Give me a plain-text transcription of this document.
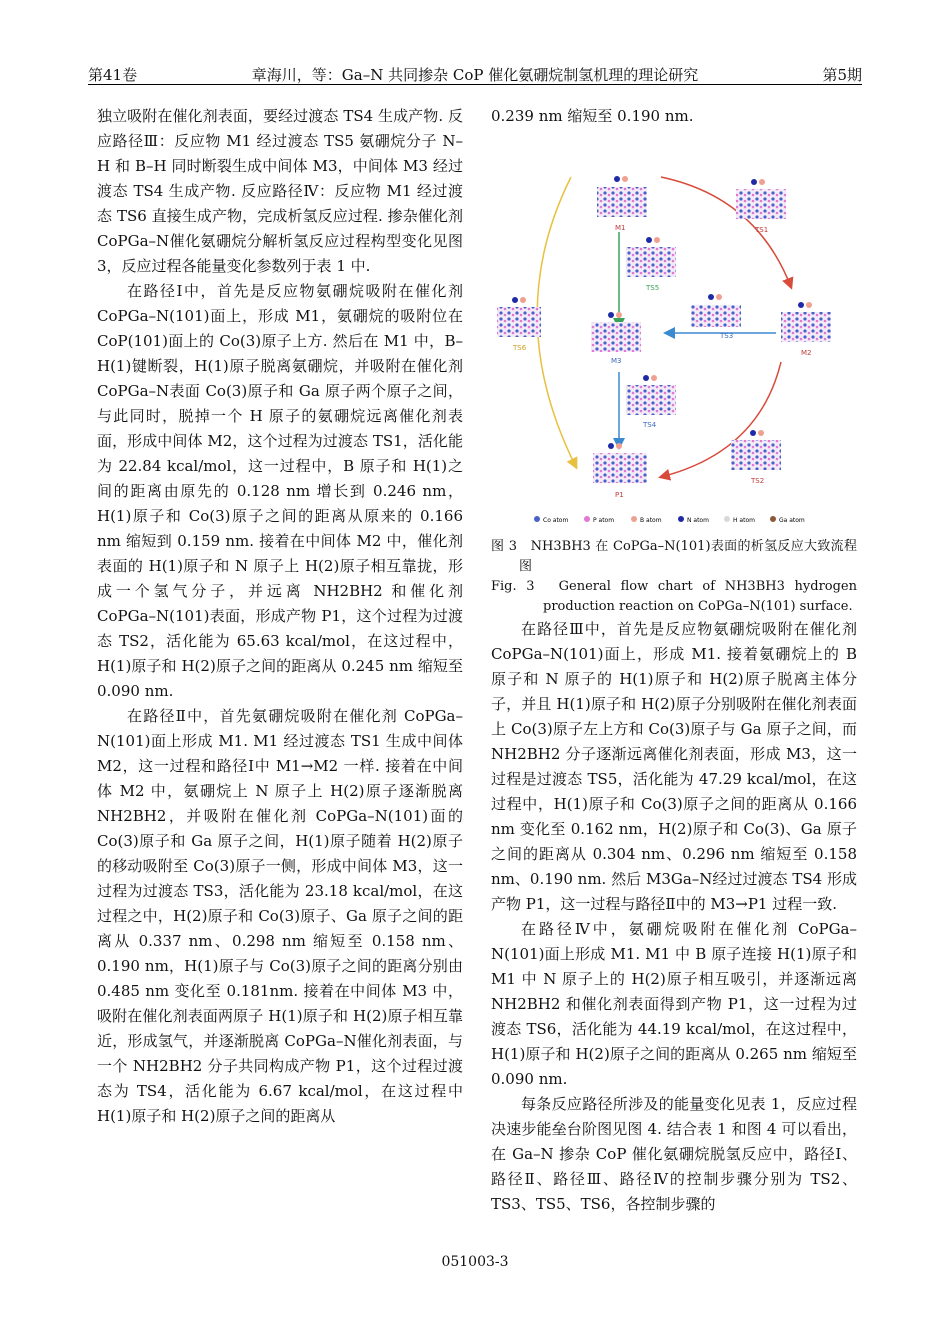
第41卷	章海川，等：Ga–N 共同掺杂 CoP 催化氨硼烷制氢机理的理论研究	第5期

独立吸附在催化剂表面，要经过渡态 TS4 生成产物. 反应路径Ⅲ：反应物 M1 经过渡态 TS5 氨硼烷分子 N–H 和 B–H 同时断裂生成中间体 M3，中间体 M3 经过渡态 TS4 生成产物. 反应路径Ⅳ：反应物 M1 经过渡态 TS6 直接生成产物，完成析氢反应过程. 掺杂催化剂 CoPGa–N催化氨硼烷分解析氢反应过程构型变化见图 3，反应过程各能量变化参数列于表 1 中.

在路径Ⅰ中，首先是反应物氨硼烷吸附在催化剂 CoPGa–N(101)面上，形成 M1，氨硼烷的吸附位在 CoP(101)面上的 Co(3)原子上方. 然后在 M1 中，B–H(1)键断裂，H(1)原子脱离氨硼烷，并吸附在催化剂 CoPGa–N表面 Co(3)原子和 Ga 原子两个原子之间，与此同时，脱掉一个 H 原子的氨硼烷远离催化剂表面，形成中间体 M2，这个过程为过渡态 TS1，活化能为 22.84 kcal/mol，这一过程中，B 原子和 H(1)之间的距离由原先的 0.128 nm 增长到 0.246 nm，H(1)原子和 Co(3)原子之间的距离从原来的 0.166 nm 缩短到 0.159 nm. 接着在中间体 M2 中，催化剂表面的 H(1)原子和 N 原子上 H(2)原子相互靠拢，形成一个氢气分子，并远离 NH2BH2 和催化剂 CoPGa–N(101)表面，形成产物 P1，这个过程为过渡态 TS2，活化能为 65.63 kcal/mol，在这过程中，H(1)原子和 H(2)原子之间的距离从 0.245 nm 缩短至 0.090 nm.

在路径Ⅱ中，首先氨硼烷吸附在催化剂 CoPGa–N(101)面上形成 M1. M1 经过渡态 TS1 生成中间体 M2，这一过程和路径Ⅰ中 M1→M2 一样. 接着在中间体 M2 中，氨硼烷上 N 原子上 H(2)原子逐渐脱离 NH2BH2，并吸附在催化剂 CoPGa–N(101)面的 Co(3)原子和 Ga 原子之间，H(1)原子随着 H(2)原子的移动吸附至 Co(3)原子一侧，形成中间体 M3，这一过程为过渡态 TS3，活化能为 23.18 kcal/mol，在这过程之中，H(2)原子和 Co(3)原子、Ga 原子之间的距离从 0.337 nm、0.298 nm 缩短至 0.158 nm、0.190 nm，H(1)原子与 Co(3)原子之间的距离分别由 0.485 nm 变化至 0.181nm. 接着在中间体 M3 中，吸附在催化剂表面两原子 H(1)原子和 H(2)原子相互靠近，形成氢气，并逐渐脱离 CoPGa–N催化剂表面，与一个 NH2BH2 分子共同构成产物 P1，这个过程过渡态为 TS4，活化能为 6.67 kcal/mol，在这过程中 H(1)原子和 H(2)原子之间的距离从

0.239 nm 缩短至 0.190 nm.

M1	TS1
TS5
M2
TS6
M3
TS3
TS4
P1
TS2
Co atom	P atom	B atom	N atom	H atom	Ga atom

图 3　NH3BH3 在 CoPGa–N(101)表面的析氢反应大致流程图

Fig. 3　General flow chart of NH3BH3 hydrogen production reaction on CoPGa–N(101) surface.

在路径Ⅲ中，首先是反应物氨硼烷吸附在催化剂 CoPGa–N(101)面上，形成 M1. 接着氨硼烷上的 B 原子和 N 原子的 H(1)原子和 H(2)原子脱离主体分子，并且 H(1)原子和 H(2)原子分别吸附在催化剂表面上 Co(3)原子左上方和 Co(3)原子与 Ga 原子之间，而 NH2BH2 分子逐渐远离催化剂表面，形成 M3，这一过程是过渡态 TS5，活化能为 47.29 kcal/mol，在这过程中，H(1)原子和 Co(3)原子之间的距离从 0.166 nm 变化至 0.162 nm，H(2)原子和 Co(3)、Ga 原子之间的距离从 0.304 nm、0.296 nm 缩短至 0.158 nm、0.190 nm. 然后 M3Ga–N经过过渡态 TS4 形成产物 P1，这一过程与路径Ⅱ中的 M3→P1 过程一致.

在路径Ⅳ中，氨硼烷吸附在催化剂 CoPGa–N(101)面上形成 M1. M1 中 B 原子连接 H(1)原子和 M1 中 N 原子上的 H(2)原子相互吸引，并逐渐远离 NH2BH2 和催化剂表面得到产物 P1，这一过程为过渡态 TS6，活化能为 44.19 kcal/mol，在这过程中，H(1)原子和 H(2)原子之间的距离从 0.265 nm 缩短至 0.090 nm.

每条反应路径所涉及的能量变化见表 1，反应过程决速步能垒台阶图见图 4. 结合表 1 和图 4 可以看出，在 Ga–N 掺杂 CoP 催化氨硼烷脱氢反应中，路径Ⅰ、路径Ⅱ、路径Ⅲ、路径Ⅳ的控制步骤分别为 TS2、TS3、TS5、TS6，各控制步骤的

051003-3
